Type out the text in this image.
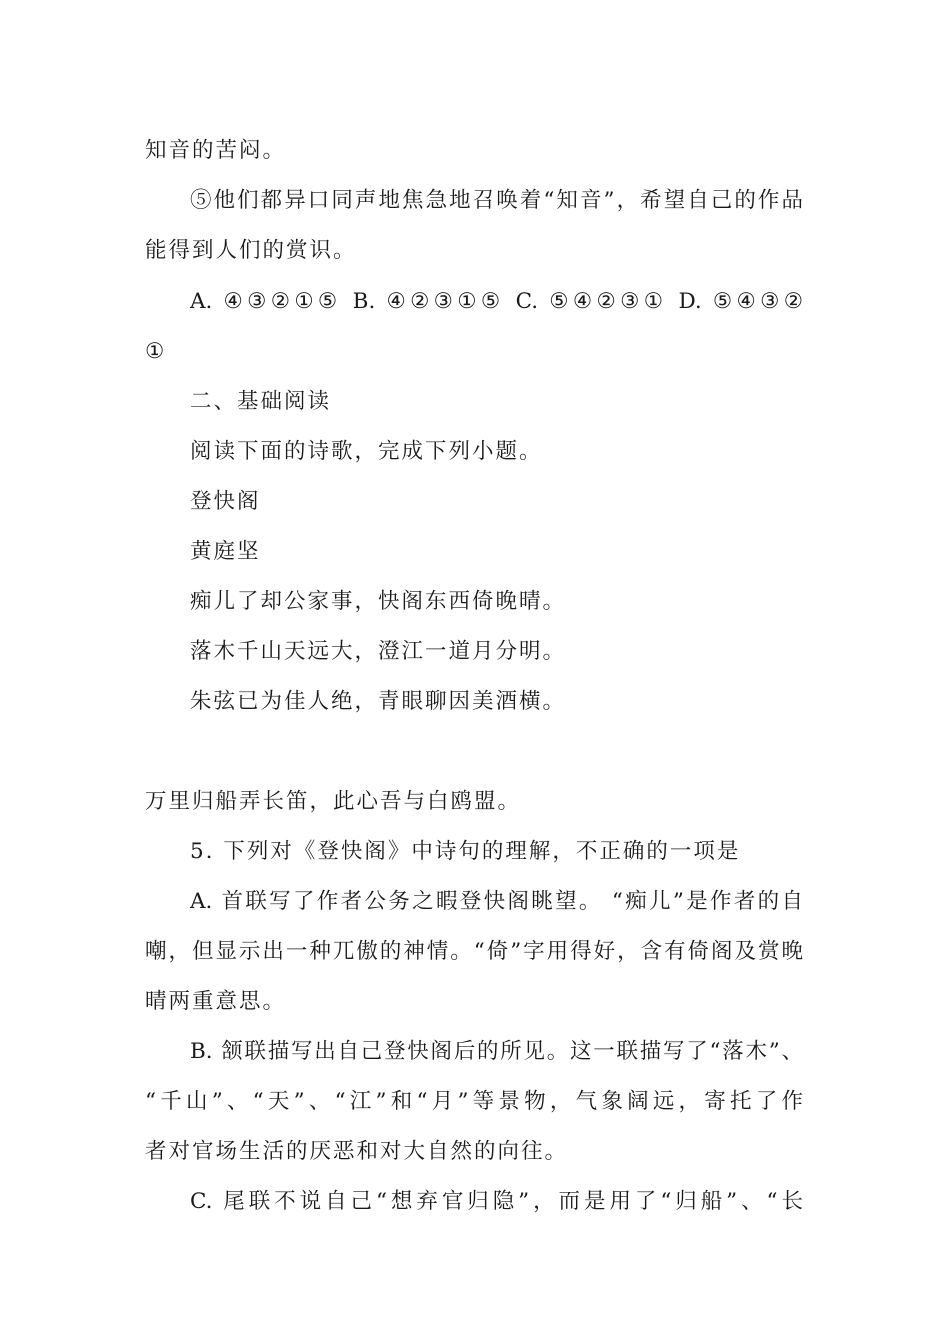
知音的苦闷。
⑤他们都异口同声地焦急地召唤着“知音”，希望自己的作品
能得到人们的赏识。
A. ④③②①⑤ B. ④②③①⑤ C. ⑤④②③① D. ⑤④③②
①
二、基础阅读
阅读下面的诗歌，完成下列小题。
登快阁
黄庭坚
痴儿了却公家事，快阁东西倚晚晴。
落木千山天远大，澄江一道月分明。
朱弦已为佳人绝，青眼聊因美酒横。
万里归船弄长笛，此心吾与白鸥盟。
5. 下列对《登快阁》中诗句的理解，不正确的一项是
A. 首联写了作者公务之暇登快阁眺望。 “痴儿”是作者的自
嘲，但显示出一种兀傲的神情。“倚”字用得好，含有倚阁及赏晚
晴两重意思。
B. 颔联描写出自己登快阁后的所见。这一联描写了“落木”、
“千山”、“天”、“江”和“月”等景物，气象阔远，寄托了作
者对官场生活的厌恶和对大自然的向往。
C. 尾联不说自己“想弃官归隐”，而是用了“归船”、“长
